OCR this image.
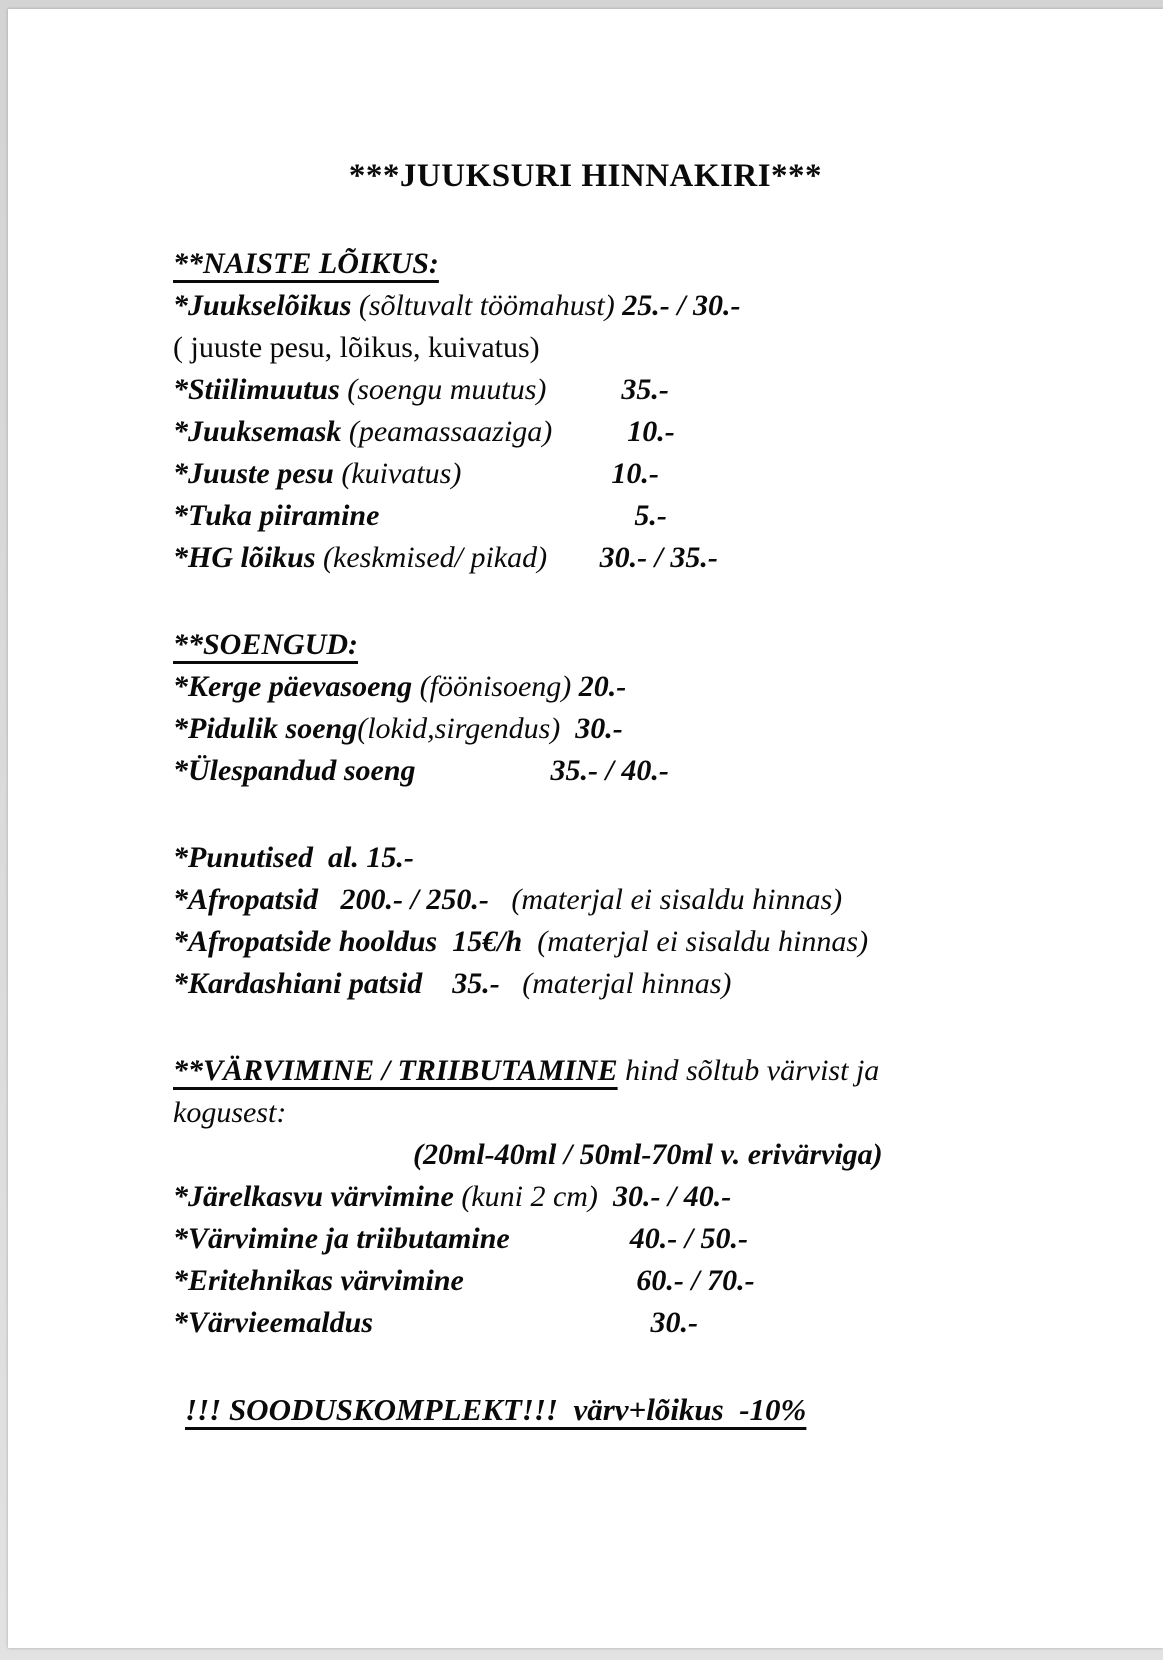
***JUUKSURI HINNAKIRI***
**NAISTE LÕIKUS:
*Juukselõikus (sõltuvalt töömahust) 25.- / 30.-
( juuste pesu, lõikus, kuivatus)
*Stiilimuutus (soengu muutus)          35.-
*Juuksemask (peamassaaziga)          10.-
*Juuste pesu (kuivatus)                    10.-
*Tuka piiramine                                  5.-
*HG lõikus (keskmised/ pikad)       30.- / 35.-
**SOENGUD:
*Kerge päevasoeng (föönisoeng) 20.-
*Pidulik soeng(lokid,sirgendus)  30.-
*Ülespandud soeng                  35.- / 40.-
*Punutised  al. 15.-
*Afropatsid   200.- / 250.-   (materjal ei sisaldu hinnas)
*Afropatside hooldus  15€/h  (materjal ei sisaldu hinnas)
*Kardashiani patsid    35.-   (materjal hinnas)
**VÄRVIMINE / TRIIBUTAMINE hind sõltub värvist ja kogusest:
(20ml-40ml / 50ml-70ml v. erivärviga)
*Järelkasvu värvimine (kuni 2 cm)  30.- / 40.-
*Värvimine ja triibutamine                40.- / 50.-
*Eritehnikas värvimine                       60.- / 70.-
*Värvieemaldus                                     30.-
!!! SOODUSKOMPLEKT!!!  värv+lõikus  -10%
